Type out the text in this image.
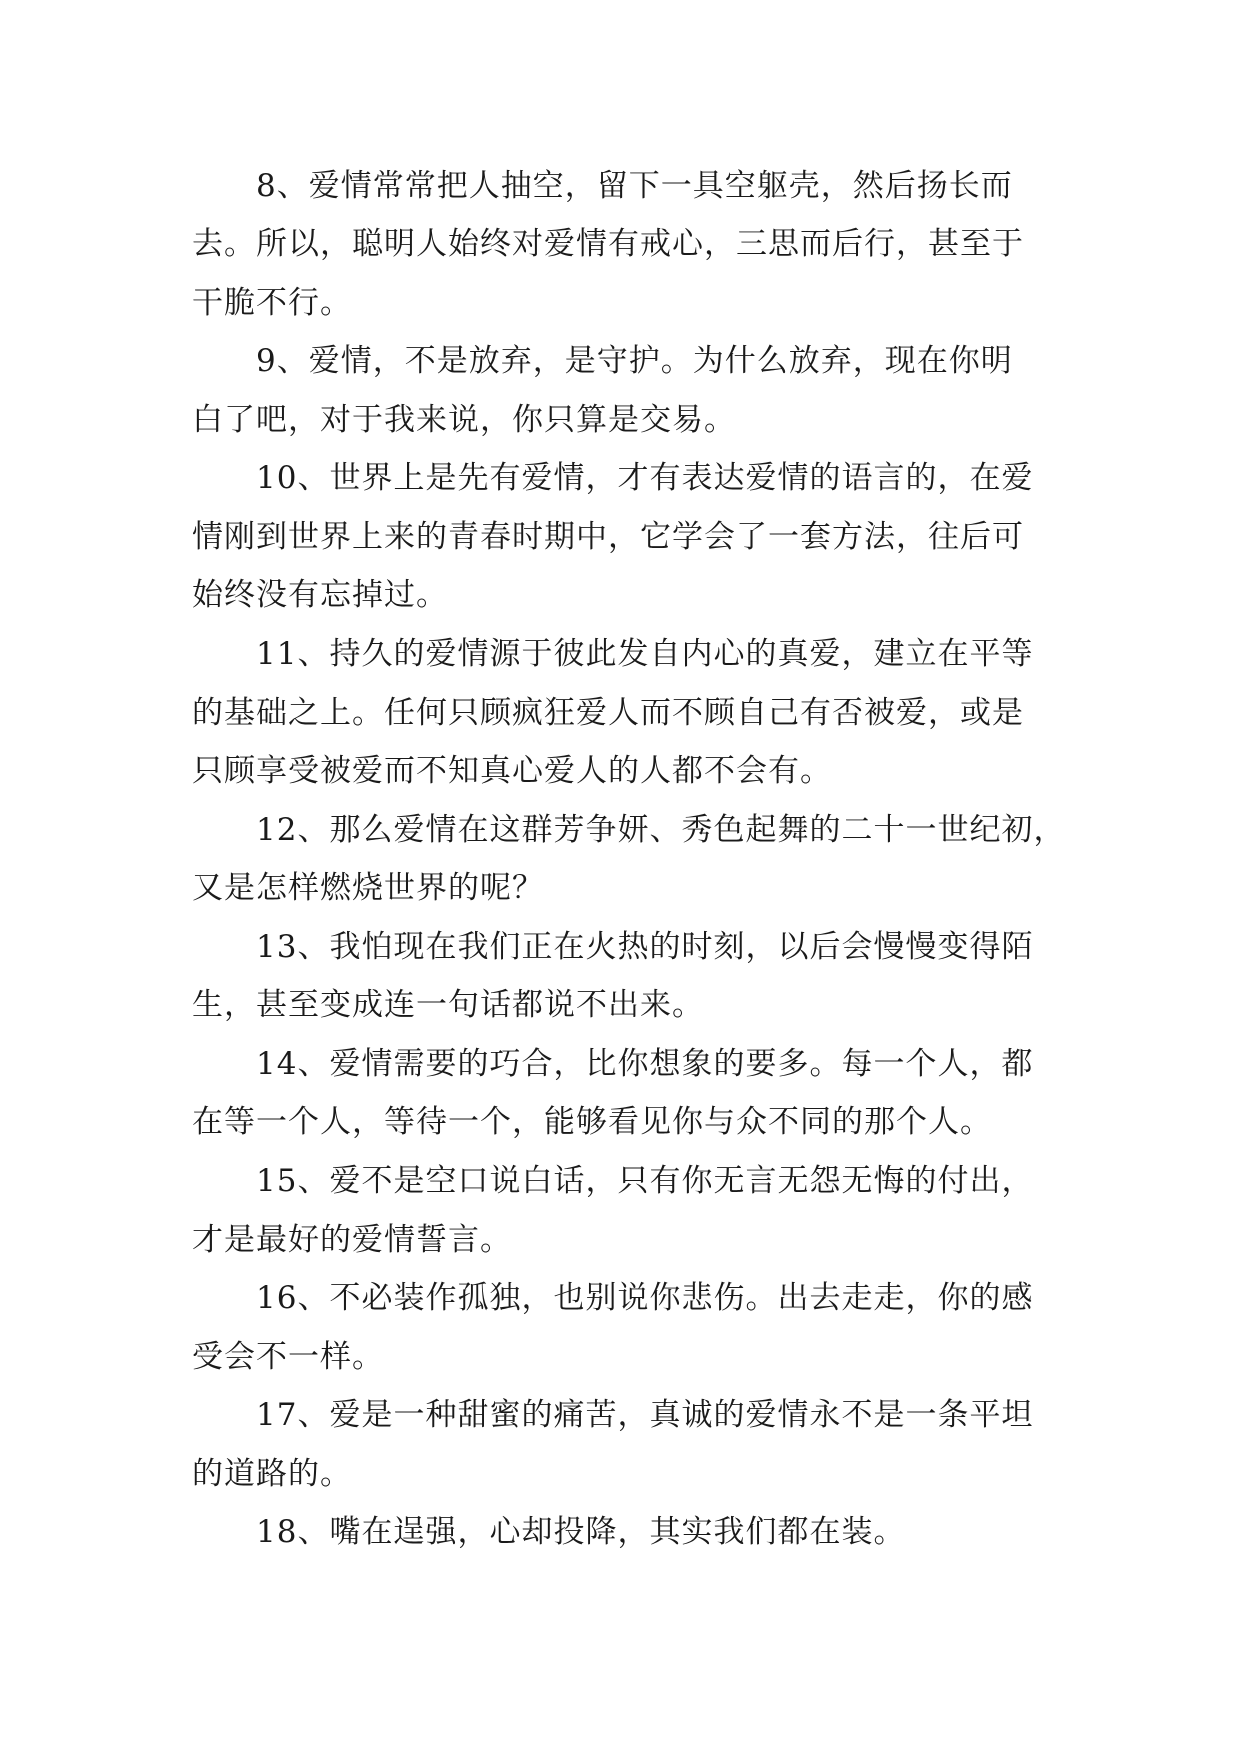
8、爱情常常把人抽空，留下一具空躯壳，然后扬长而
去。所以，聪明人始终对爱情有戒心，三思而后行，甚至于
干脆不行。
9、爱情，不是放弃，是守护。为什么放弃，现在你明
白了吧，对于我来说，你只算是交易。
10、世界上是先有爱情，才有表达爱情的语言的，在爱
情刚到世界上来的青春时期中，它学会了一套方法，往后可
始终没有忘掉过。
11、持久的爱情源于彼此发自内心的真爱，建立在平等
的基础之上。任何只顾疯狂爱人而不顾自己有否被爱，或是
只顾享受被爱而不知真心爱人的人都不会有。
12、那么爱情在这群芳争妍、秀色起舞的二十一世纪初，
又是怎样燃烧世界的呢？
13、我怕现在我们正在火热的时刻，以后会慢慢变得陌
生，甚至变成连一句话都说不出来。
14、爱情需要的巧合，比你想象的要多。每一个人，都
在等一个人，等待一个，能够看见你与众不同的那个人。
15、爱不是空口说白话，只有你无言无怨无悔的付出，
才是最好的爱情誓言。
16、不必装作孤独，也别说你悲伤。出去走走，你的感
受会不一样。
17、爱是一种甜蜜的痛苦，真诚的爱情永不是一条平坦
的道路的。
18、嘴在逞强，心却投降，其实我们都在装。
